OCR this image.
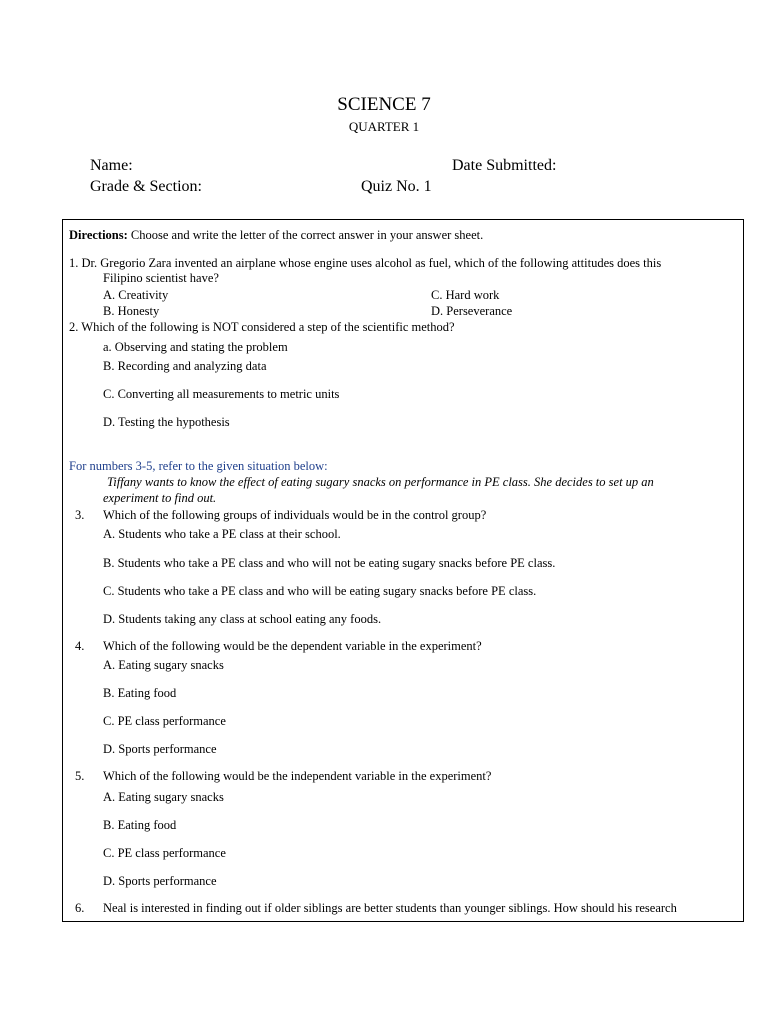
SCIENCE 7
QUARTER 1
Name:	Date Submitted:
Grade & Section:	Quiz No. 1
Directions: Choose and write the letter of the correct answer in your answer sheet.
1. Dr. Gregorio Zara invented an airplane whose engine uses alcohol as fuel, which of the following attitudes does this
Filipino scientist have?
A. Creativity	C. Hard work
B. Honesty	D. Perseverance
2. Which of the following is NOT considered a step of the scientific method?
a. Observing and stating the problem
B. Recording and analyzing data
C. Converting all measurements to metric units
D. Testing the hypothesis
For numbers 3-5, refer to the given situation below:
Tiffany wants to know the effect of eating sugary snacks on performance in PE class. She decides to set up an
experiment to find out.
3. Which of the following groups of individuals would be in the control group?
A. Students who take a PE class at their school.
B. Students who take a PE class and who will not be eating sugary snacks before PE class.
C. Students who take a PE class and who will be eating sugary snacks before PE class.
D. Students taking any class at school eating any foods.
4. Which of the following would be the dependent variable in the experiment?
A. Eating sugary snacks
B. Eating food
C. PE class performance
D. Sports performance
5. Which of the following would be the independent variable in the experiment?
A. Eating sugary snacks
B. Eating food
C. PE class performance
D. Sports performance
6. Neal is interested in finding out if older siblings are better students than younger siblings. How should his research
